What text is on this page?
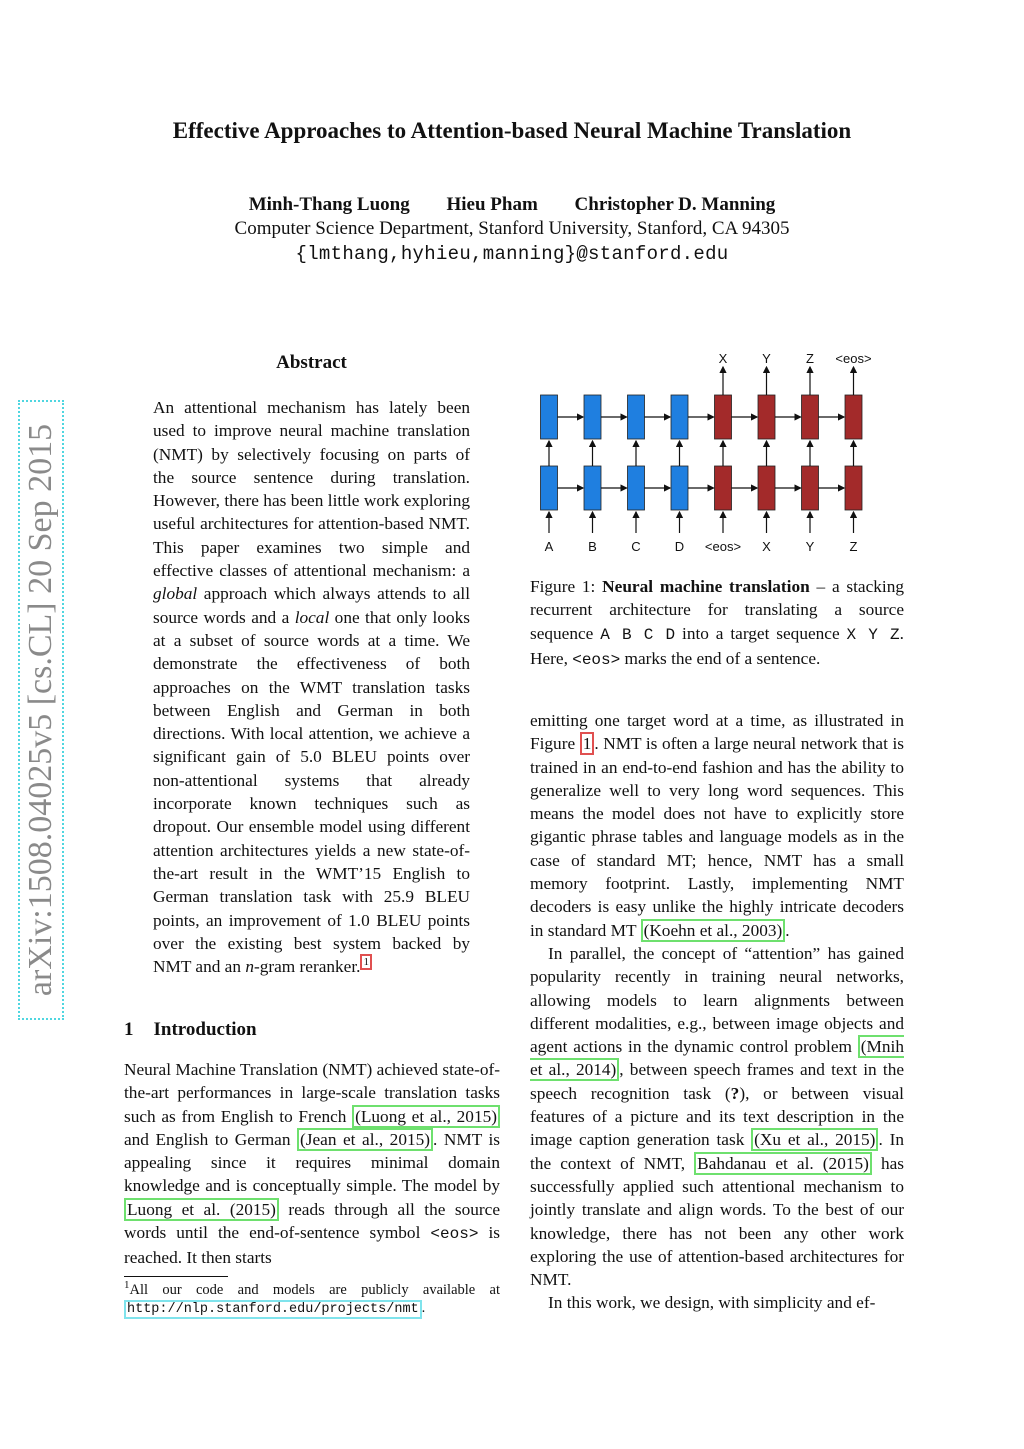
Effective Approaches to Attention-based Neural Machine Translation
Minh-Thang Luong Hieu Pham Christopher D. Manning
Computer Science Department, Stanford University, Stanford, CA 94305
{lmthang,hyhieu,manning}@stanford.edu
arXiv:1508.04025v5 [cs.CL] 20 Sep 2015
Abstract
An attentional mechanism has lately been used to improve neural machine translation (NMT) by selectively focusing on parts of the source sentence during translation. However, there has been little work exploring useful architectures for attention-based NMT. This paper examines two simple and effective classes of attentional mechanism: a global approach which always attends to all source words and a local one that only looks at a subset of source words at a time. We demonstrate the effectiveness of both approaches on the WMT translation tasks between English and German in both directions. With local attention, we achieve a significant gain of 5.0 BLEU points over non-attentional systems that already incorporate known techniques such as dropout. Our ensemble model using different attention architectures yields a new state-of-the-art result in the WMT’15 English to German translation task with 25.9 BLEU points, an improvement of 1.0 BLEU points over the existing best system backed by NMT and an n-gram reranker. $^1$
1 Introduction
Neural Machine Translation (NMT) achieved state-of-the-art performances in large-scale translation tasks such as from English to French (Luong et al., 2015) and English to German (Jean et al., 2015) . NMT is appealing since it requires minimal domain knowledge and is conceptually simple. The model by Luong et al. (2015) reads through all the source words until the end-of-sentence symbol <eos> is reached. It then starts
$^1$All our code and models are publicly available at http://nlp.stanford.edu/projects/nmt .
A	B	C	D <eos>
X
X
Y
Y
Z
Z
<eos>
Figure 1: Neural machine translation – a stacking recurrent architecture for translating a source sequence A B C D into a target sequence X Y Z. Here, <eos> marks the end of a sentence.

emitting one target word at a time, as illustrated in Figure 1 . NMT is often a large neural network that is trained in an end-to-end fashion and has the ability to generalize well to very long word sequences. This means the model does not have to explicitly store gigantic phrase tables and language models as in the case of standard MT; hence, NMT has a small memory footprint. Lastly, implementing NMT decoders is easy unlike the highly intricate decoders in standard MT (Koehn et al., 2003) .

In parallel, the concept of “attention” has gained popularity recently in training neural networks, allowing models to learn alignments between different modalities, e.g., between image objects and agent actions in the dynamic control problem (Mnih et al., 2014) , between speech frames and text in the speech recognition task (?), or between visual features of a picture and its text description in the image caption generation task (Xu et al., 2015) . In the context of NMT, Bahdanau et al. (2015) has successfully applied such attentional mechanism to jointly translate and align words. To the best of our knowledge, there has not been any other work exploring the use of attention-based architectures for NMT.

In this work, we design, with simplicity and ef-
